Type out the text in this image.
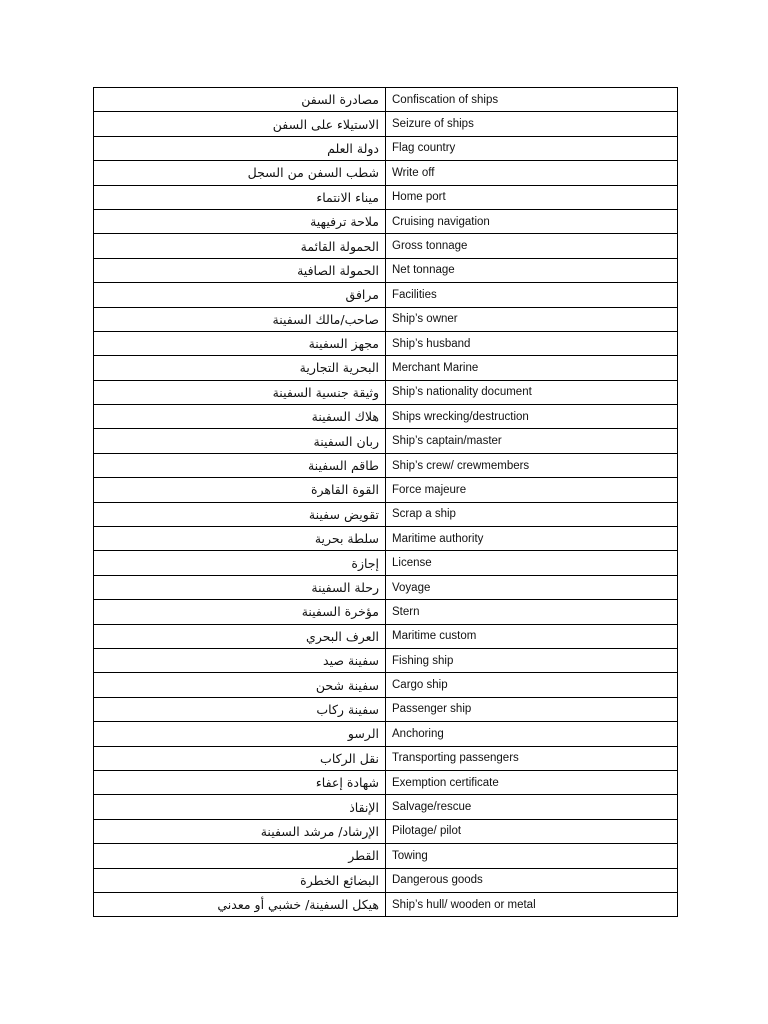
مصادرة السفن	Confiscation of ships
الاستيلاء على السفن	Seizure of ships
دولة العلم	Flag country
شطب السفن من السجل	Write off
ميناء الانتماء	Home port
ملاحة ترفيهية	Cruising navigation
الحمولة القائمة	Gross tonnage
الحمولة الصافية	Net tonnage
مرافق	Facilities
صاحب/مالك السفينة	Ship’s owner
مجهز السفينة	Ship’s husband
البحرية التجارية	Merchant Marine
وثيقة جنسية السفينة	Ship’s nationality document
هلاك السفينة	Ships wrecking/destruction
ربان السفينة	Ship’s captain/master
طاقم السفينة	Ship’s crew/ crewmembers
القوة القاهرة	Force majeure
تقويض سفينة	Scrap a ship
سلطة بحرية	Maritime authority
إجازة	License
رحلة السفينة	Voyage
مؤخرة السفينة	Stern
العرف البحري	Maritime custom
سفينة صيد	Fishing ship
سفينة شحن	Cargo ship
سفينة ركاب	Passenger ship
الرسو	Anchoring
نقل الركاب	Transporting passengers
شهادة إعفاء	Exemption certificate
الإنقاذ	Salvage/rescue
الإرشاد/ مرشد السفينة	Pilotage/ pilot
القطر	Towing
البضائع الخطرة	Dangerous goods
هيكل السفينة/ خشبي أو معدني	Ship’s hull/ wooden or metal
